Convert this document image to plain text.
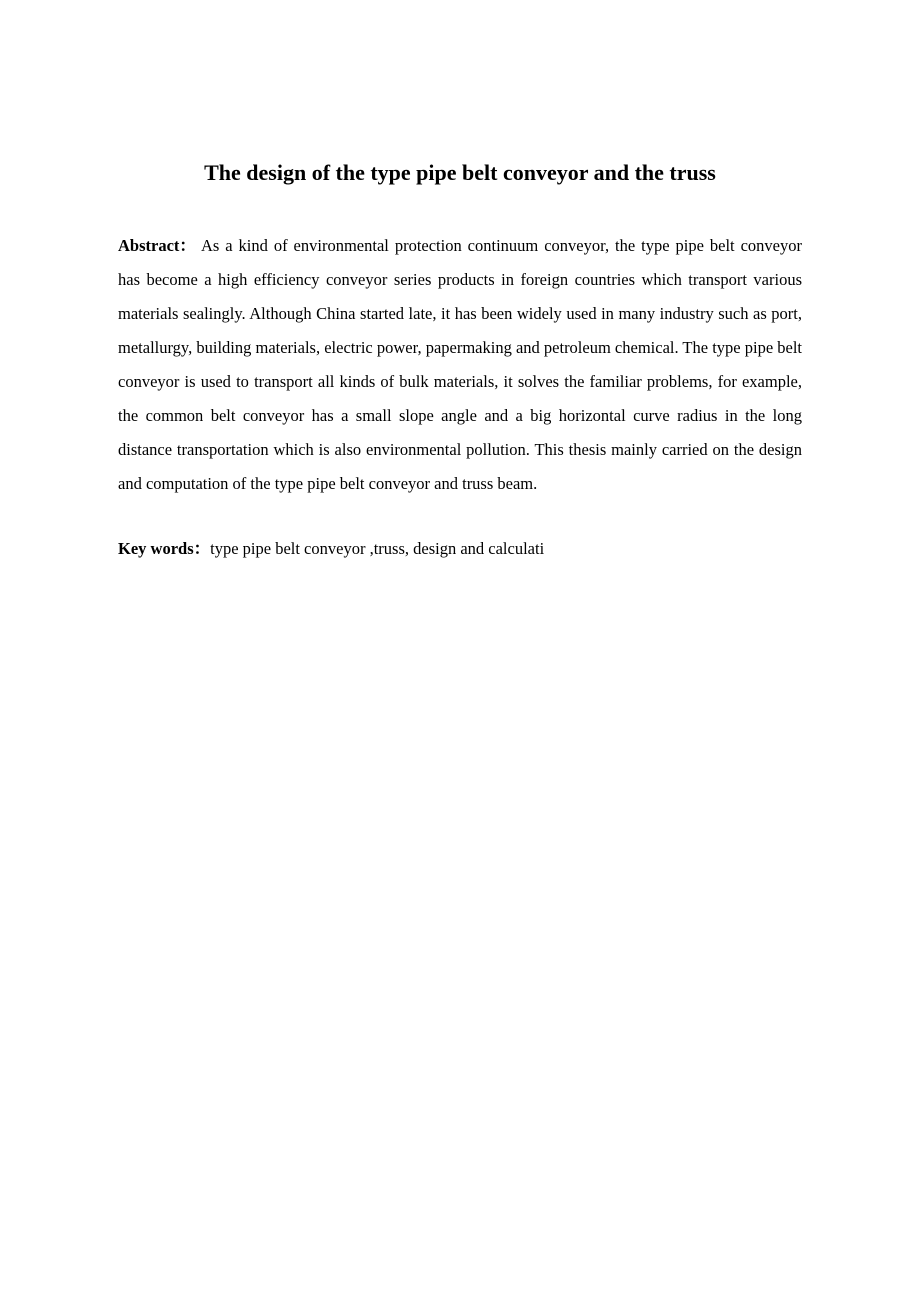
The design of the type pipe belt conveyor and the truss

Abstract： As a kind of environmental protection continuum conveyor, the type pipe belt conveyor has become a high efficiency conveyor series products in foreign countries which transport various materials sealingly. Although China started late, it has been widely used in many industry such as port, metallurgy, building materials, electric power, papermaking and petroleum chemical. The type pipe belt conveyor is used to transport all kinds of bulk materials, it solves the familiar problems, for example, the common belt conveyor has a small slope angle and a big horizontal curve radius in the long distance transportation which is also environmental pollution. This thesis mainly carried on the design and computation of the type pipe belt conveyor and truss beam.

Key words：type pipe belt conveyor ,truss, design and calculati
